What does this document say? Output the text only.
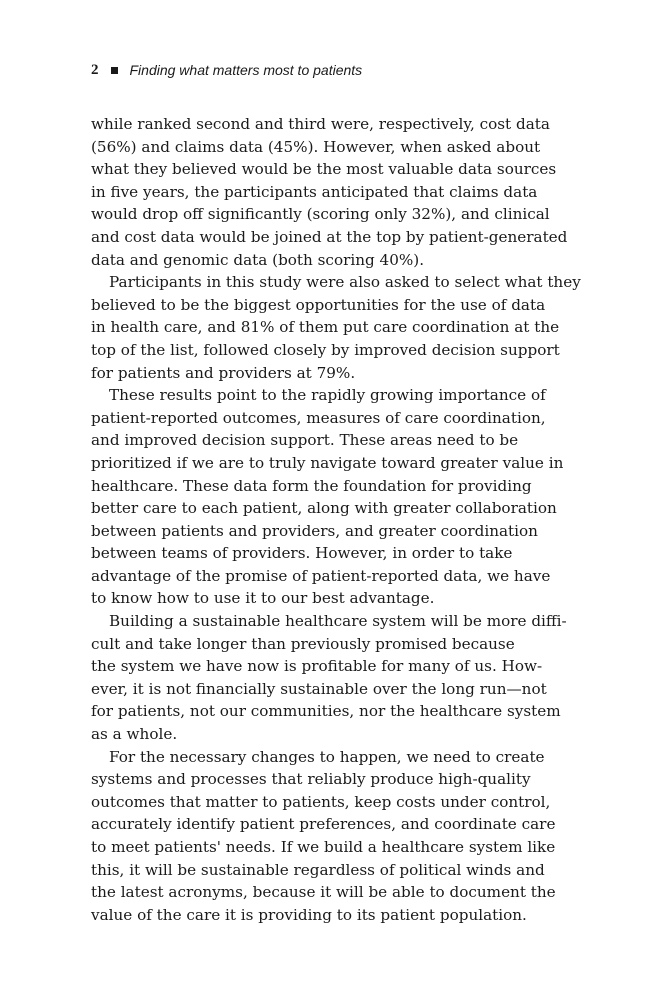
2 Finding what matters most to patients

while ranked second and third were, respectively, cost data
(56%) and claims data (45%). However, when asked about
what they believed would be the most valuable data sources
in five years, the participants anticipated that claims data
would drop off significantly (scoring only 32%), and clinical
and cost data would be joined at the top by patient-generated
data and genomic data (both scoring 40%).

Participants in this study were also asked to select what they
believed to be the biggest opportunities for the use of data
in health care, and 81% of them put care coordination at the
top of the list, followed closely by improved decision support
for patients and providers at 79%.

These results point to the rapidly growing importance of
patient-reported outcomes, measures of care coordination,
and improved decision support. These areas need to be
prioritized if we are to truly navigate toward greater value in
healthcare. These data form the foundation for providing
better care to each patient, along with greater collaboration
between patients and providers, and greater coordination
between teams of providers. However, in order to take
advantage of the promise of patient-reported data, we have
to know how to use it to our best advantage.

Building a sustainable healthcare system will be more diffi-
cult and take longer than previously promised because
the system we have now is profitable for many of us. How-
ever, it is not financially sustainable over the long run—not
for patients, not our communities, nor the healthcare system
as a whole.

For the necessary changes to happen, we need to create
systems and processes that reliably produce high-quality
outcomes that matter to patients, keep costs under control,
accurately identify patient preferences, and coordinate care
to meet patients' needs. If we build a healthcare system like
this, it will be sustainable regardless of political winds and
the latest acronyms, because it will be able to document the
value of the care it is providing to its patient population.
